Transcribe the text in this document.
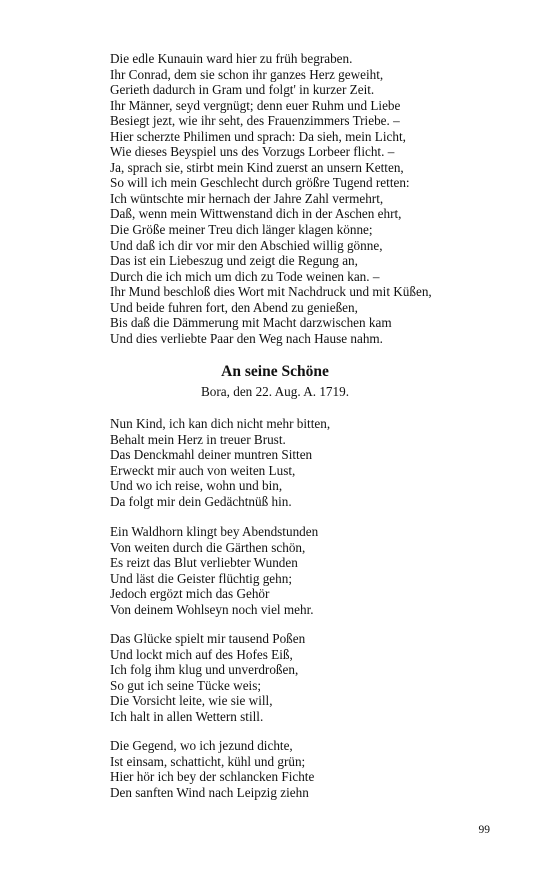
Die edle Kunauin ward hier zu früh begraben.
Ihr Conrad, dem sie schon ihr ganzes Herz geweiht,
Gerieth dadurch in Gram und folgt' in kurzer Zeit.
Ihr Männer, seyd vergnügt; denn euer Ruhm und Liebe
Besiegt jezt, wie ihr seht, des Frauenzimmers Triebe. –
Hier scherzte Philimen und sprach: Da sieh, mein Licht,
Wie dieses Beyspiel uns des Vorzugs Lorbeer flicht. –
Ja, sprach sie, stirbt mein Kind zuerst an unsern Ketten,
So will ich mein Geschlecht durch größre Tugend retten:
Ich wüntschte mir hernach der Jahre Zahl vermehrt,
Daß, wenn mein Wittwenstand dich in der Aschen ehrt,
Die Größe meiner Treu dich länger klagen könne;
Und daß ich dir vor mir den Abschied willig gönne,
Das ist ein Liebeszug und zeigt die Regung an,
Durch die ich mich um dich zu Tode weinen kan. –
Ihr Mund beschloß dies Wort mit Nachdruck und mit Küßen,
Und beide fuhren fort, den Abend zu genießen,
Bis daß die Dämmerung mit Macht darzwischen kam
Und dies verliebte Paar den Weg nach Hause nahm.
An seine Schöne
Bora, den 22. Aug. A. 1719.
Nun Kind, ich kan dich nicht mehr bitten,
Behalt mein Herz in treuer Brust.
Das Denckmahl deiner muntren Sitten
Erweckt mir auch von weiten Lust,
Und wo ich reise, wohn und bin,
Da folgt mir dein Gedächtnüß hin.
Ein Waldhorn klingt bey Abendstunden
Von weiten durch die Gärthen schön,
Es reizt das Blut verliebter Wunden
Und läst die Geister flüchtig gehn;
Jedoch ergözt mich das Gehör
Von deinem Wohlseyn noch viel mehr.
Das Glücke spielt mir tausend Poßen
Und lockt mich auf des Hofes Eiß,
Ich folg ihm klug und unverdroßen,
So gut ich seine Tücke weis;
Die Vorsicht leite, wie sie will,
Ich halt in allen Wettern still.
Die Gegend, wo ich jezund dichte,
Ist einsam, schatticht, kühl und grün;
Hier hör ich bey der schlancken Fichte
Den sanften Wind nach Leipzig ziehn
99
